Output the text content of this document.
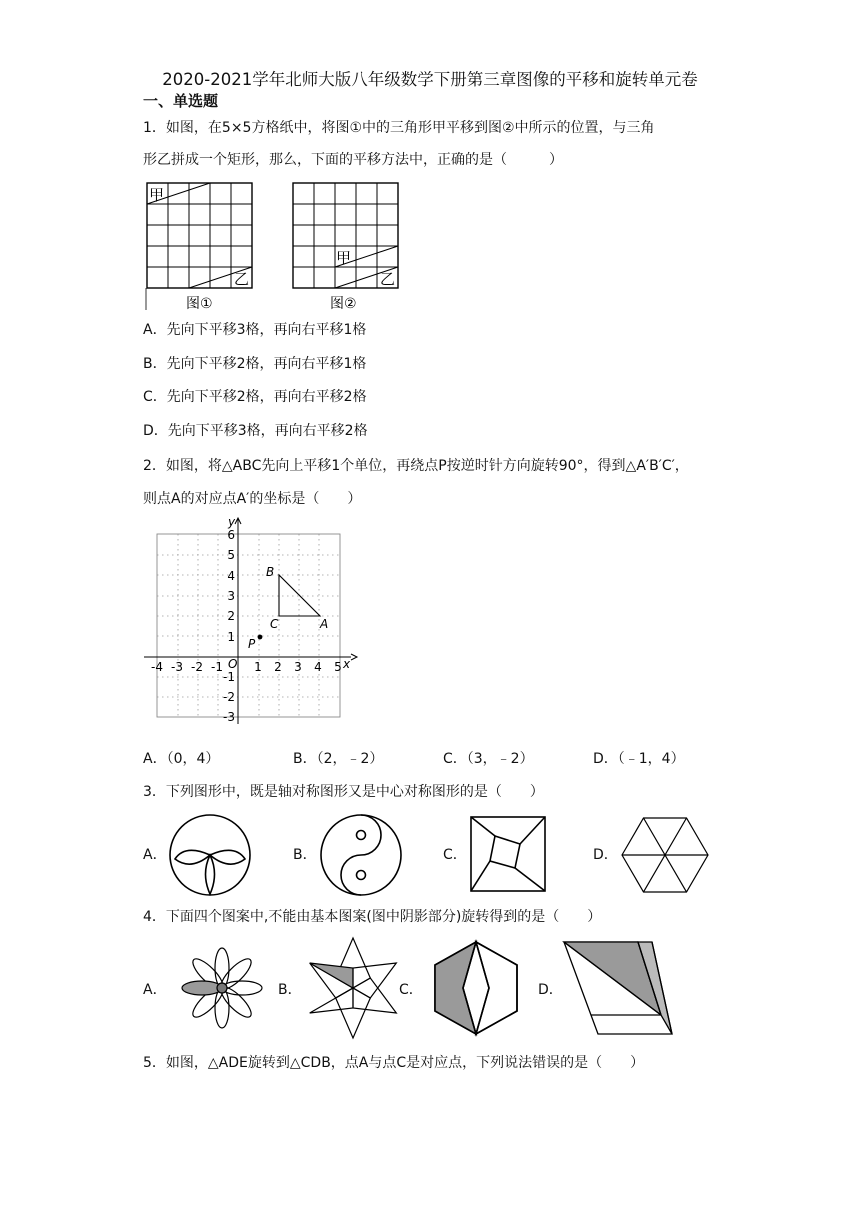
2020-2021学年北师大版八年级数学下册第三章图像的平移和旋转单元卷
一、单选题
1．如图，在5×5方格纸中，将图①中的三角形甲平移到图②中所示的位置，与三角
形乙拼成一个矩形，那么，下面的平移方法中，正确的是（　　　）
甲
乙
图①
甲
乙
图②
A．先向下平移3格，再向右平移1格
B．先向下平移2格，再向右平移1格
C．先向下平移2格，再向右平移2格
D．先向下平移3格，再向右平移2格
2．如图，将△ABC先向上平移1个单位，再绕点P按逆时针方向旋转90°，得到△A′B′C′，
则点A的对应点A′的坐标是（　　）
y
x
O
B
C	A
P
-4 -3 -2 -1	1 2 3 4 5
6
5
4
3
2
1
-1
-2
-3
A．（0，4）	B．（2，﹣2）	C．（3，﹣2）	D．（﹣1，4）
3．下列图形中，既是轴对称图形又是中心对称图形的是（　　）
A．	B．	C．	D．
4．下面四个图案中,不能由基本图案(图中阴影部分)旋转得到的是（　　）
A．	B．	C．	D．
5．如图，△ADE旋转到△CDB，点A与点C是对应点，下列说法错误的是（　　）
